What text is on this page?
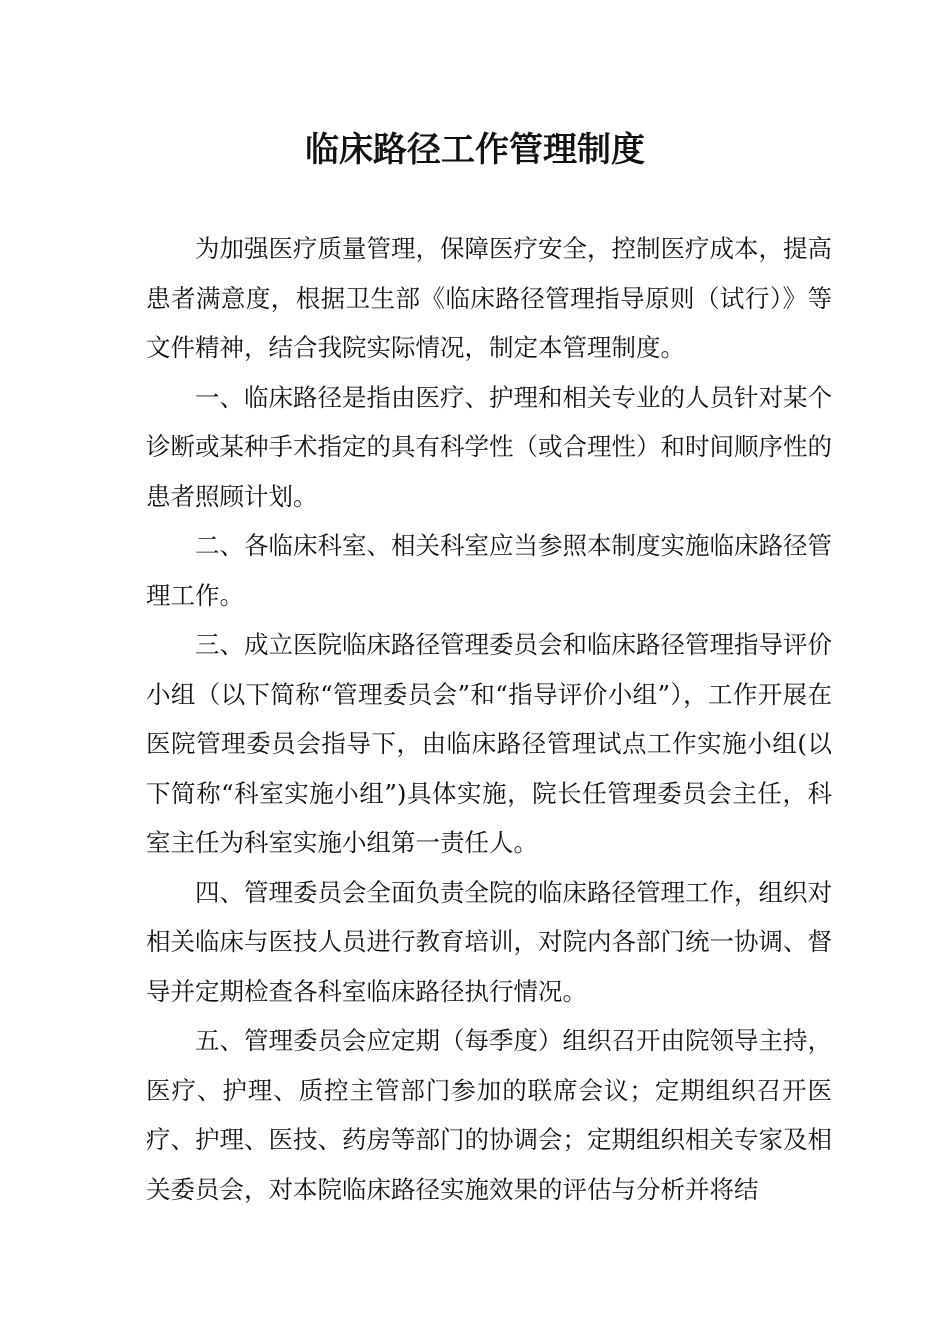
临床路径工作管理制度

为加强医疗质量管理，保障医疗安全，控制医疗成本，提高患者满意度，根据卫生部《临床路径管理指导原则（试行）》等文件精神，结合我院实际情况，制定本管理制度。

一、临床路径是指由医疗、护理和相关专业的人员针对某个诊断或某种手术指定的具有科学性（或合理性）和时间顺序性的患者照顾计划。

二、各临床科室、相关科室应当参照本制度实施临床路径管理工作。

三、成立医院临床路径管理委员会和临床路径管理指导评价小组（以下简称“管理委员会”和“指导评价小组”），工作开展在医院管理委员会指导下，由临床路径管理试点工作实施小组(以下简称“科室实施小组”)具体实施，院长任管理委员会主任，科室主任为科室实施小组第一责任人。

四、管理委员会全面负责全院的临床路径管理工作，组织对相关临床与医技人员进行教育培训，对院内各部门统一协调、督导并定期检查各科室临床路径执行情况。

五、管理委员会应定期（每季度）组织召开由院领导主持，医疗、护理、质控主管部门参加的联席会议；定期组织召开医疗、护理、医技、药房等部门的协调会；定期组织相关专家及相关委员会，对本院临床路径实施效果的评估与分析并将结
